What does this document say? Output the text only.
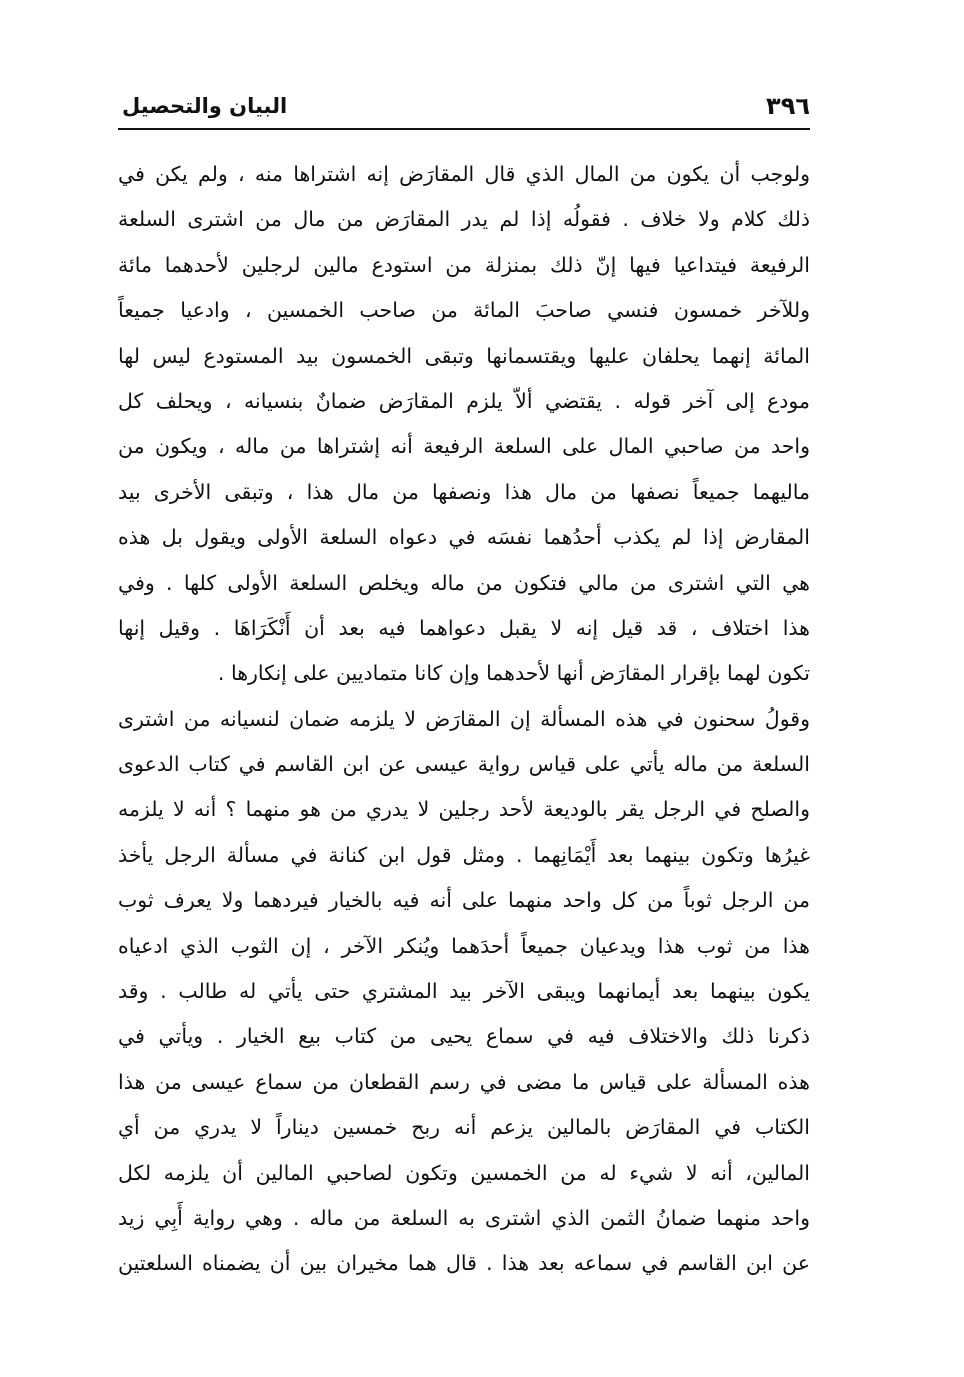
٣٩٦
البيان والتحصيل
ولوجب أن يكون من المال الذي قال المقارَض إنه اشتراها منه ، ولم يكن في
ذلك كلام ولا خلاف . فقولُه إذا لم يدر المقارَض من مال من اشترى السلعة
الرفيعة فيتداعيا فيها إنّ ذلك بمنزلة من استودع مالين لرجلين لأحدهما مائة
وللآخر خمسون فنسي صاحبَ المائة من صاحب الخمسين ، وادعيا جميعاً
المائة إنهما يحلفان عليها ويقتسمانها وتبقى الخمسون بيد المستودع ليس لها
مودع إلى آخر قوله . يقتضي ألاّ يلزم المقارَض ضمانٌ بنسيانه ، ويحلف كل
واحد من صاحبي المال على السلعة الرفيعة أنه إشتراها من ماله ، ويكون من
ماليهما جميعاً نصفها من مال هذا ونصفها من مال هذا ، وتبقى الأخرى بيد
المقارض إذا لم يكذب أحدُهما نفسَه في دعواه السلعة الأولى ويقول بل هذه
هي التي اشترى من مالي فتكون من ماله ويخلص السلعة الأولى كلها . وفي
هذا اختلاف ، قد قيل إنه لا يقبل دعواهما فيه بعد أن أَنْكَرَاهَا . وقيل إنها
تكون لهما بإقرار المقارَض أنها لأحدهما وإن كانا متماديين على إنكارها .
وقولُ سحنون في هذه المسألة إن المقارَض لا يلزمه ضمان لنسيانه من اشترى
السلعة من ماله يأتي على قياس رواية عيسى عن ابن القاسم في كتاب الدعوى
والصلح في الرجل يقر بالوديعة لأحد رجلين لا يدري من هو منهما ؟ أنه لا يلزمه
غيرُها وتكون بينهما بعد أَيْمَانِهما . ومثل قول ابن كنانة في مسألة الرجل يأخذ
من الرجل ثوباً من كل واحد منهما على أنه فيه بالخيار فيردهما ولا يعرف ثوب
هذا من ثوب هذا ويدعيان جميعاً أحدَهما ويُنكر الآخر ، إن الثوب الذي ادعياه
يكون بينهما بعد أيمانهما ويبقى الآخر بيد المشتري حتى يأتي له طالب . وقد
ذكرنا ذلك والاختلاف فيه في سماع يحيى من كتاب بيع الخيار . ويأتي في
هذه المسألة على قياس ما مضى في رسم القطعان من سماع عيسى من هذا
الكتاب في المقارَض بالمالين يزعم أنه ربح خمسين ديناراً لا يدري من أي
المالين، أنه لا شيء له من الخمسين وتكون لصاحبي المالين أن يلزمه لكل
واحد منهما ضمانُ الثمن الذي اشترى به السلعة من ماله . وهي رواية أَبِي زيد
عن ابن القاسم في سماعه بعد هذا . قال هما مخيران بين أن يضمناه السلعتين
